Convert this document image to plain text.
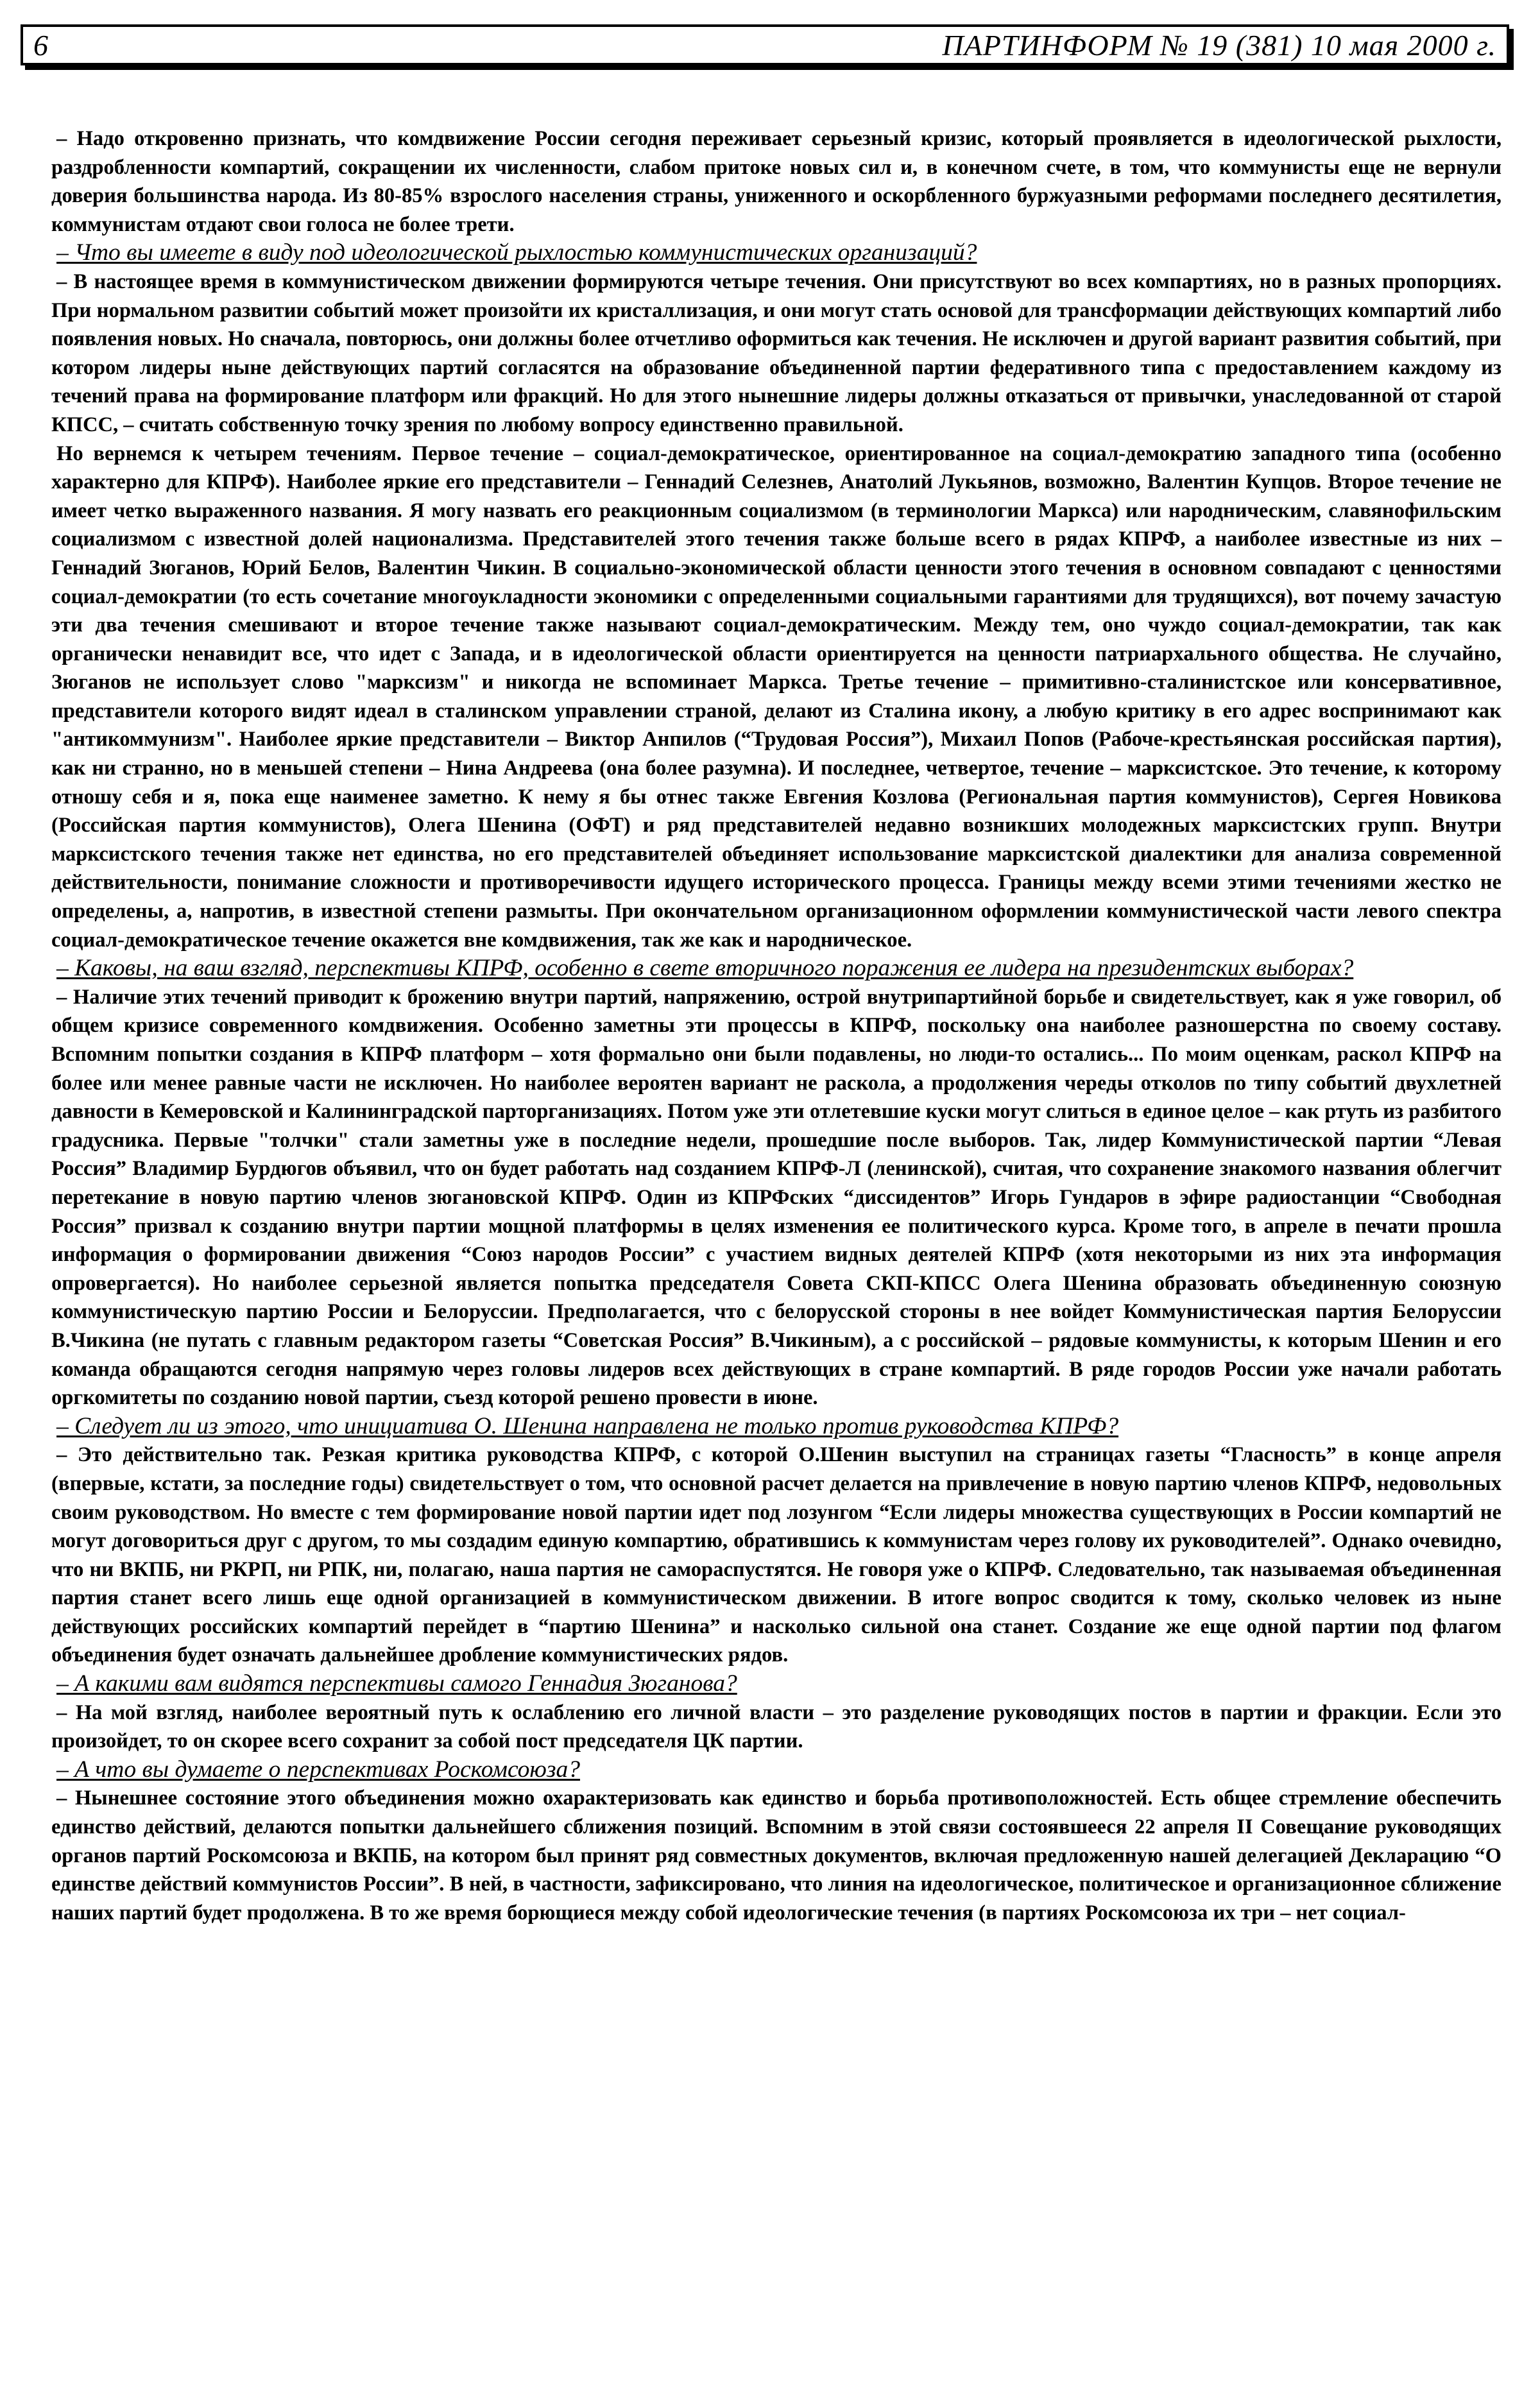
6	ПАРТИНФОРМ № 19 (381) 10 мая 2000 г.

– Надо откровенно признать, что комдвижение России сегодня переживает серьезный кризис, который проявляется в идеологической рыхлости, раздробленности компартий, сокращении их численности, слабом притоке новых сил и, в конечном счете, в том, что коммунисты еще не вернули доверия большинства народа. Из 80-85% взрослого населения страны, униженного и оскорбленного буржуазными реформами последнего десятилетия, коммунистам отдают свои голоса не более трети.

– Что вы имеете в виду под идеологической рыхлостью коммунистических организаций?

– В настоящее время в коммунистическом движении формируются четыре течения. Они присутствуют во всех компартиях, но в разных пропорциях. При нормальном развитии событий может произойти их кристаллизация, и они могут стать основой для трансформации действующих компартий либо появления новых. Но сначала, повторюсь, они должны более отчетливо оформиться как течения. Не исключен и другой вариант развития событий, при котором лидеры ныне действующих партий согласятся на образование объединенной партии федеративного типа с предоставлением каждому из течений права на формирование платформ или фракций. Но для этого нынешние лидеры должны отказаться от привычки, унаследованной от старой КПСС, – считать собственную точку зрения по любому вопросу единственно правильной.

Но вернемся к четырем течениям. Первое течение – социал-демократическое, ориентированное на социал-демократию западного типа (особенно характерно для КПРФ). Наиболее яркие его представители – Геннадий Селезнев, Анатолий Лукьянов, возможно, Валентин Купцов. Второе течение не имеет четко выраженного названия. Я могу назвать его реакционным социализмом (в терминологии Маркса) или народническим, славянофильским социализмом с известной долей национализма. Представителей этого течения также больше всего в рядах КПРФ, а наиболее известные из них – Геннадий Зюганов, Юрий Белов, Валентин Чикин. В социально-экономической области ценности этого течения в основном совпадают с ценностями социал-демократии (то есть сочетание многоукладности экономики с определенными социальными гарантиями для трудящихся), вот почему зачастую эти два течения смешивают и второе течение также называют социал-демократическим. Между тем, оно чуждо социал-демократии, так как органически ненавидит все, что идет с Запада, и в идеологической области ориентируется на ценности патриархального общества. Не случайно, Зюганов не использует слово "марксизм" и никогда не вспоминает Маркса. Третье течение – примитивно-сталинистское или консервативное, представители которого видят идеал в сталинском управлении страной, делают из Сталина икону, а любую критику в его адрес воспринимают как "антикоммунизм". Наиболее яркие представители – Виктор Анпилов (“Трудовая Россия”), Михаил Попов (Рабоче-крестьянская российская партия), как ни странно, но в меньшей степени – Нина Андреева (она более разумна). И последнее, четвертое, течение – марксистское. Это течение, к которому отношу себя и я, пока еще наименее заметно. К нему я бы отнес также Евгения Козлова (Региональная партия коммунистов), Сергея Новикова (Российская партия коммунистов), Олега Шенина (ОФТ) и ряд представителей недавно возникших молодежных марксистских групп. Внутри марксистского течения также нет единства, но его представителей объединяет использование марксистской диалектики для анализа современной действительности, понимание сложности и противоречивости идущего исторического процесса. Границы между всеми этими течениями жестко не определены, а, напротив, в известной степени размыты. При окончательном организационном оформлении коммунистической части левого спектра социал-демократическое течение окажется вне комдвижения, так же как и народническое.

– Каковы, на ваш взгляд, перспективы КПРФ, особенно в свете вторичного поражения ее лидера на президентских выборах?

– Наличие этих течений приводит к брожению внутри партий, напряжению, острой внутрипартийной борьбе и свидетельствует, как я уже говорил, об общем кризисе современного комдвижения. Особенно заметны эти процессы в КПРФ, поскольку она наиболее разношерстна по своему составу. Вспомним попытки создания в КПРФ платформ – хотя формально они были подавлены, но люди-то остались... По моим оценкам, раскол КПРФ на более или менее равные части не исключен. Но наиболее вероятен вариант не раскола, а продолжения череды отколов по типу событий двухлетней давности в Кемеровской и Калининградской парторганизациях. Потом уже эти отлетевшие куски могут слиться в единое целое – как ртуть из разбитого градусника. Первые "толчки" стали заметны уже в последние недели, прошедшие после выборов. Так, лидер Коммунистической партии “Левая Россия” Владимир Бурдюгов объявил, что он будет работать над созданием КПРФ-Л (ленинской), считая, что сохранение знакомого названия облегчит перетекание в новую партию членов зюгановской КПРФ. Один из КПРФских “диссидентов” Игорь Гундаров в эфире радиостанции “Свободная Россия” призвал к созданию внутри партии мощной платформы в целях изменения ее политического курса. Кроме того, в апреле в печати прошла информация о формировании движения “Союз народов России” с участием видных деятелей КПРФ (хотя некоторыми из них эта информация опровергается). Но наиболее серьезной является попытка председателя Совета СКП-КПСС Олега Шенина образовать объединенную союзную коммунистическую партию России и Белоруссии. Предполагается, что с белорусской стороны в нее войдет Коммунистическая партия Белоруссии В.Чикина (не путать с главным редактором газеты “Советская Россия” В.Чикиным), а с российской – рядовые коммунисты, к которым Шенин и его команда обращаются сегодня напрямую через головы лидеров всех действующих в стране компартий. В ряде городов России уже начали работать оргкомитеты по созданию новой партии, съезд которой решено провести в июне.

– Следует ли из этого, что инициатива О. Шенина направлена не только против руководства КПРФ?

– Это действительно так. Резкая критика руководства КПРФ, с которой О.Шенин выступил на страницах газеты “Гласность” в конце апреля (впервые, кстати, за последние годы) свидетельствует о том, что основной расчет делается на привлечение в новую партию членов КПРФ, недовольных своим руководством. Но вместе с тем формирование новой партии идет под лозунгом “Если лидеры множества существующих в России компартий не могут договориться друг с другом, то мы создадим единую компартию, обратившись к коммунистам через голову их руководителей”. Однако очевидно, что ни ВКПБ, ни РКРП, ни РПК, ни, полагаю, наша партия не самораспустятся. Не говоря уже о КПРФ. Следовательно, так называемая объединенная партия станет всего лишь еще одной организацией в коммунистическом движении. В итоге вопрос сводится к тому, сколько человек из ныне действующих российских компартий перейдет в “партию Шенина” и насколько сильной она станет. Создание же еще одной партии под флагом объединения будет означать дальнейшее дробление коммунистических рядов.

– А какими вам видятся перспективы самого Геннадия Зюганова?

– На мой взгляд, наиболее вероятный путь к ослаблению его личной власти – это разделение руководящих постов в партии и фракции. Если это произойдет, то он скорее всего сохранит за собой пост председателя ЦК партии.

– А что вы думаете о перспективах Роскомсоюза?

– Нынешнее состояние этого объединения можно охарактеризовать как единство и борьба противоположностей. Есть общее стремление обеспечить единство действий, делаются попытки дальнейшего сближения позиций. Вспомним в этой связи состоявшееся 22 апреля II Совещание руководящих органов партий Роскомсоюза и ВКПБ, на котором был принят ряд совместных документов, включая предложенную нашей делегацией Декларацию “О единстве действий коммунистов России”. В ней, в частности, зафиксировано, что линия на идеологическое, политическое и организационное сближение наших партий будет продолжена. В то же время борющиеся между собой идеологические течения (в партиях Роскомсоюза их три – нет социал-
